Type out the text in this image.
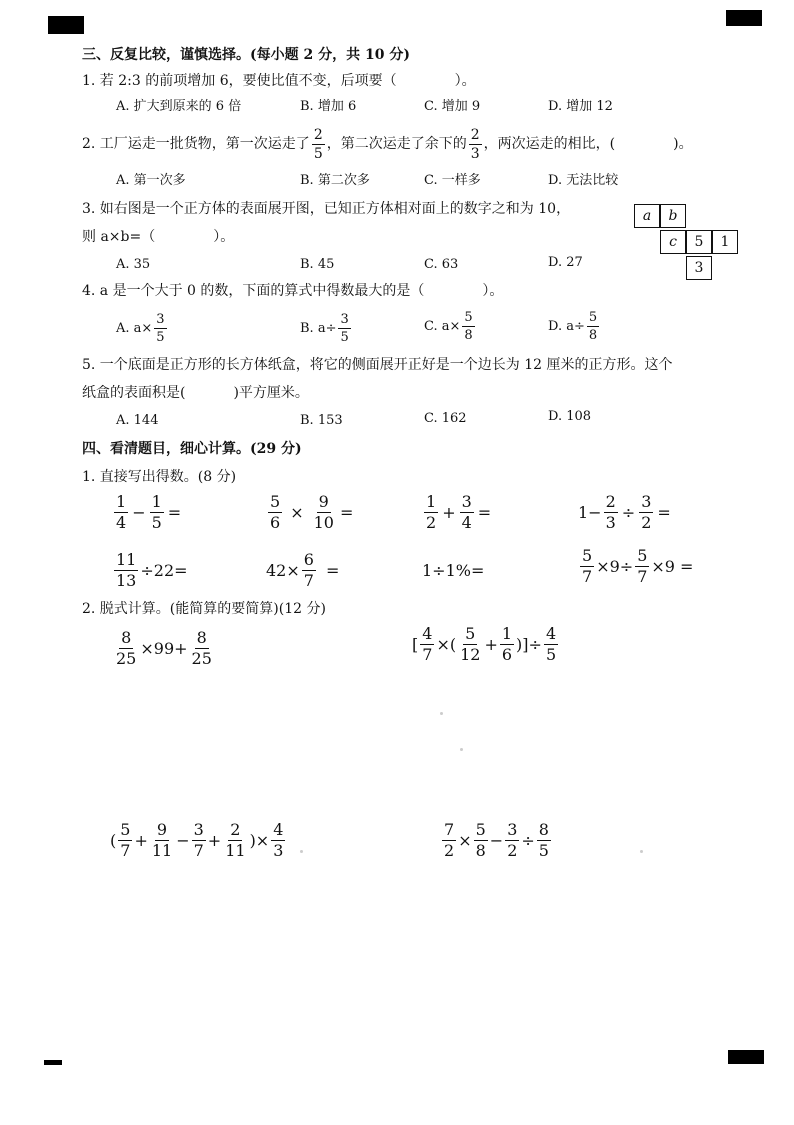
三、反复比较，谨慎选择。(每小题 2 分，共 10 分)
1. 若 2:3 的前项增加 6，要使比值不变，后项要（	）。
A. 扩大到原来的 6 倍	B. 增加 6	C. 增加 9	D. 增加 12
2. 工厂运走一批货物，第一次运走了 $\frac{2}{5}$ ，第二次运走了余下的 $\frac{2}{3}$ ，两次运走的相比，(	)。
A. 第一次多	B. 第二次多	C. 一样多	D. 无法比较
3. 如右图是一个正方体的表面展开图，已知正方体相对面上的数字之和为 10，
则 a×b=（	）。
A. 35	B. 45	C. 63	D. 27
a	b
c	5	1
3
4. a 是一个大于 0 的数，下面的算式中得数最大的是（	）。
A. $a\times \frac{3}{5}$	B. $a\div \frac{3}{5}$	C. $a\times \frac{5}{8}$	D. $a\div \frac{5}{8}$
5. 一个底面是正方形的长方体纸盒，将它的侧面展开正好是一个边长为 12 厘米的正方形。这个
纸盒的表面积是(	)平方厘米。
A. 144	B. 153	C. 162	D. 108
四、看清题目，细心计算。(29 分)
1. 直接写出得数。(8 分)
$\frac{1}{4} - \frac{1}{5}$ =	$\frac{5}{6} \times \frac{9}{10}$ =	$\frac{1}{2} + \frac{3}{4}$ =	$1- \frac{2}{3} \div \frac{3}{2}$ =
$\frac{11}{13} \div 22=$	$42\times \frac{6}{7}$ =	1÷1%=	$\frac{5}{7} \times 9\div \frac{5}{7} \times 9$ =
2. 脱式计算。(能简算的要简算)(12 分)
$\frac{8}{25} \times 99+ \frac{8}{25}$	[ $\frac{4}{7}$ ×( $\frac{5}{12} + \frac{1}{6}$ )]÷ $\frac{4}{5}$
( $\frac{5}{7} + \frac{9}{11} - \frac{3}{7} + \frac{2}{11}$ )× $\frac{4}{3}$	$\frac{7}{2} \times \frac{5}{8} - \frac{3}{2} \div \frac{8}{5}$
